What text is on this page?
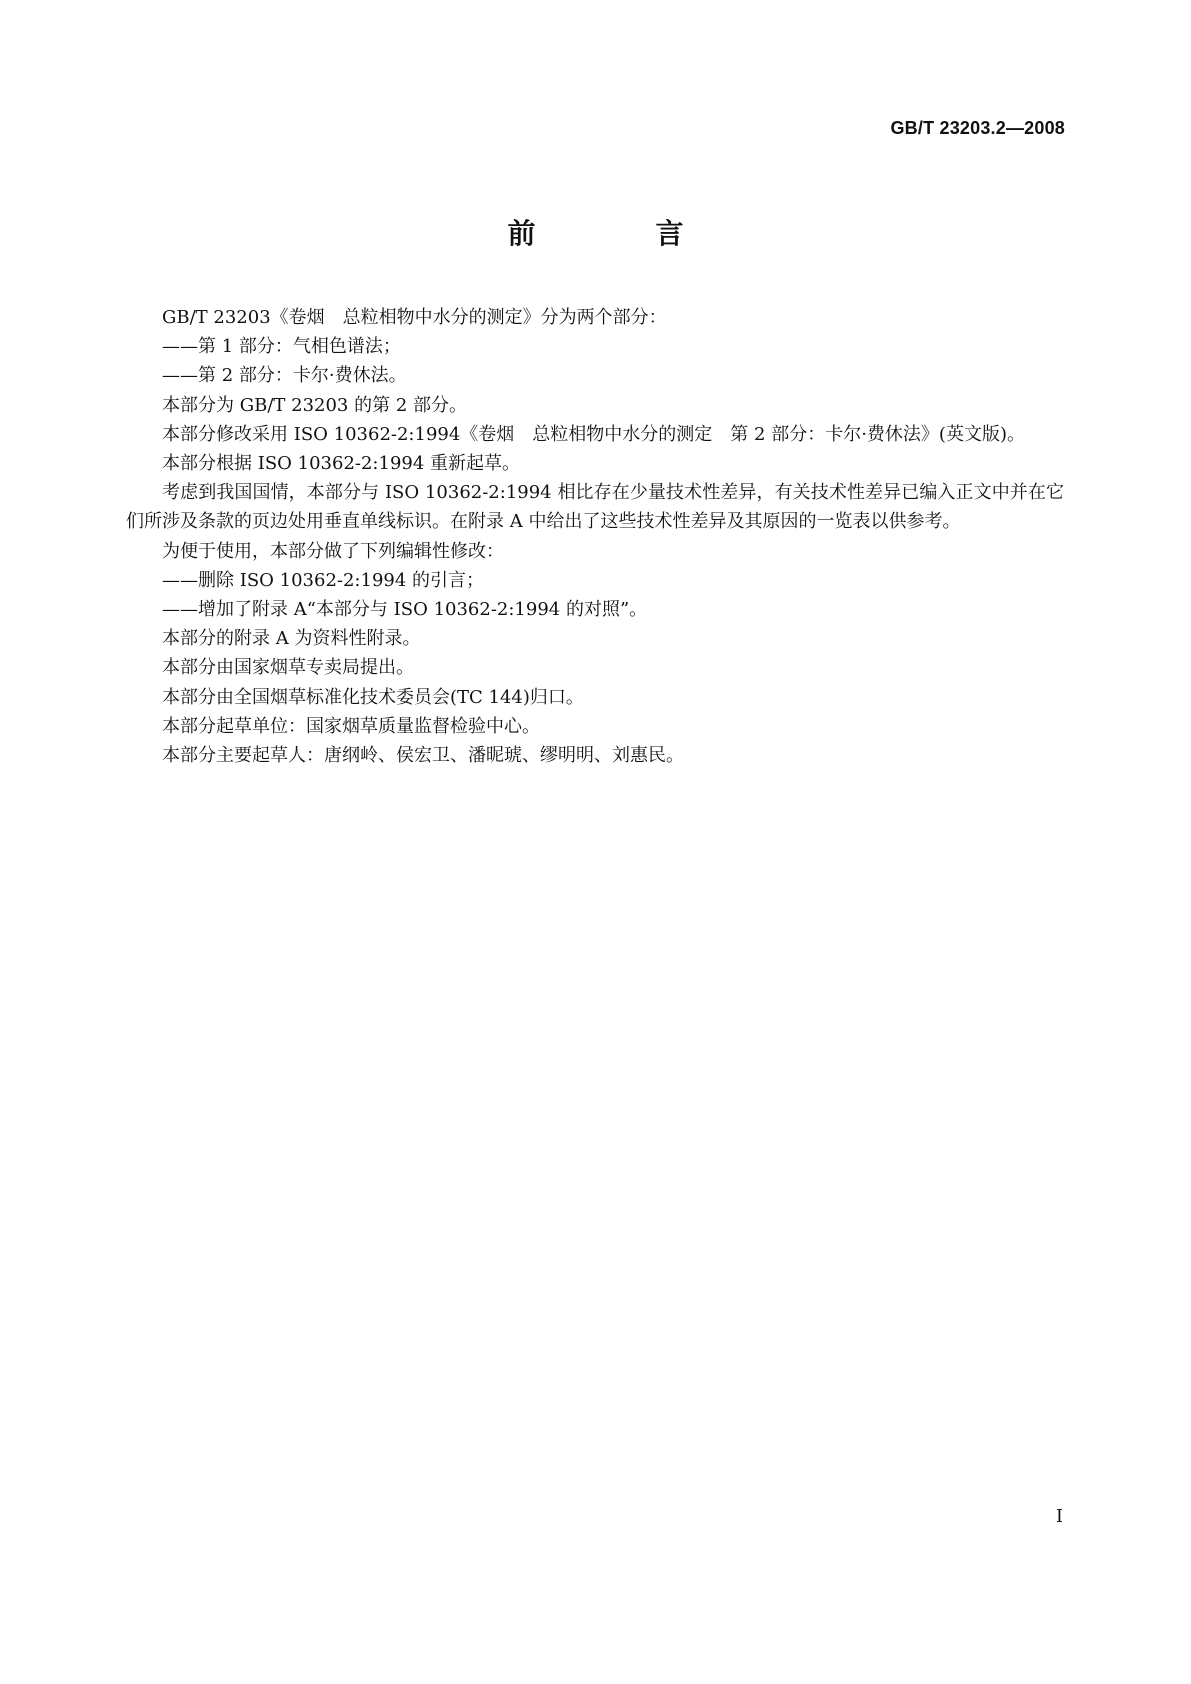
GB/T 23203.2—2008
前　言

GB/T 23203《卷烟　总粒相物中水分的测定》分为两个部分：

——第 1 部分：气相色谱法；

——第 2 部分：卡尔·费休法。

本部分为 GB/T 23203 的第 2 部分。

本部分修改采用 ISO 10362-2:1994《卷烟　总粒相物中水分的测定　第 2 部分：卡尔·费休法》(英文版)。

本部分根据 ISO 10362-2:1994 重新起草。

考虑到我国国情，本部分与 ISO 10362-2:1994 相比存在少量技术性差异，有关技术性差异已编入正文中并在它们所涉及条款的页边处用垂直单线标识。在附录 A 中给出了这些技术性差异及其原因的一览表以供参考。

为便于使用，本部分做了下列编辑性修改：

——删除 ISO 10362-2:1994 的引言；

——增加了附录 A“本部分与 ISO 10362-2:1994 的对照”。

本部分的附录 A 为资料性附录。

本部分由国家烟草专卖局提出。

本部分由全国烟草标准化技术委员会(TC 144)归口。

本部分起草单位：国家烟草质量监督检验中心。

本部分主要起草人：唐纲岭、侯宏卫、潘昵琥、缪明明、刘惠民。

I
